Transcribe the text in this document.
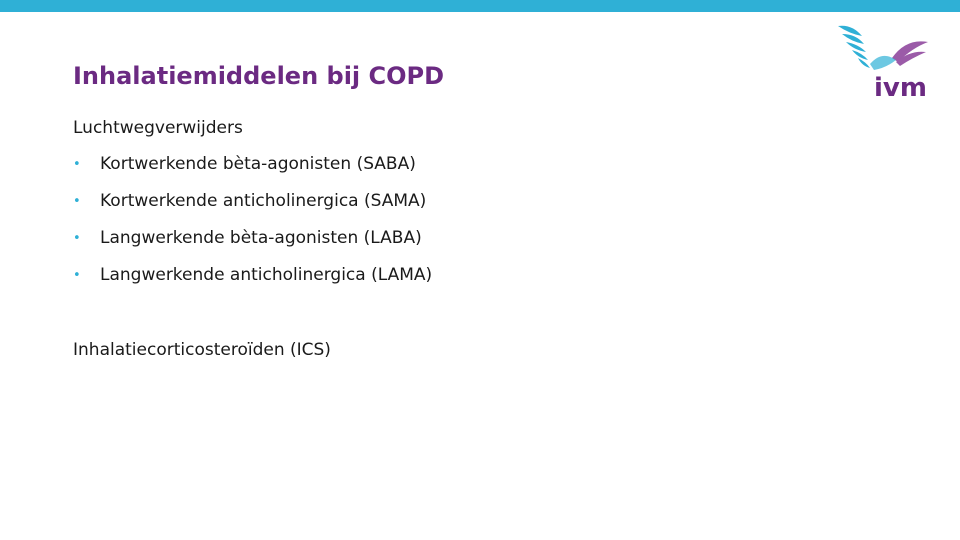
ivm
Inhalatiemiddelen bij COPD
Luchtwegverwijders
•	Kortwerkende bèta-agonisten (SABA)
•	Kortwerkende anticholinergica (SAMA)
•	Langwerkende bèta-agonisten (LABA)
•	Langwerkende anticholinergica (LAMA)
Inhalatiecorticosteroïden (ICS)
